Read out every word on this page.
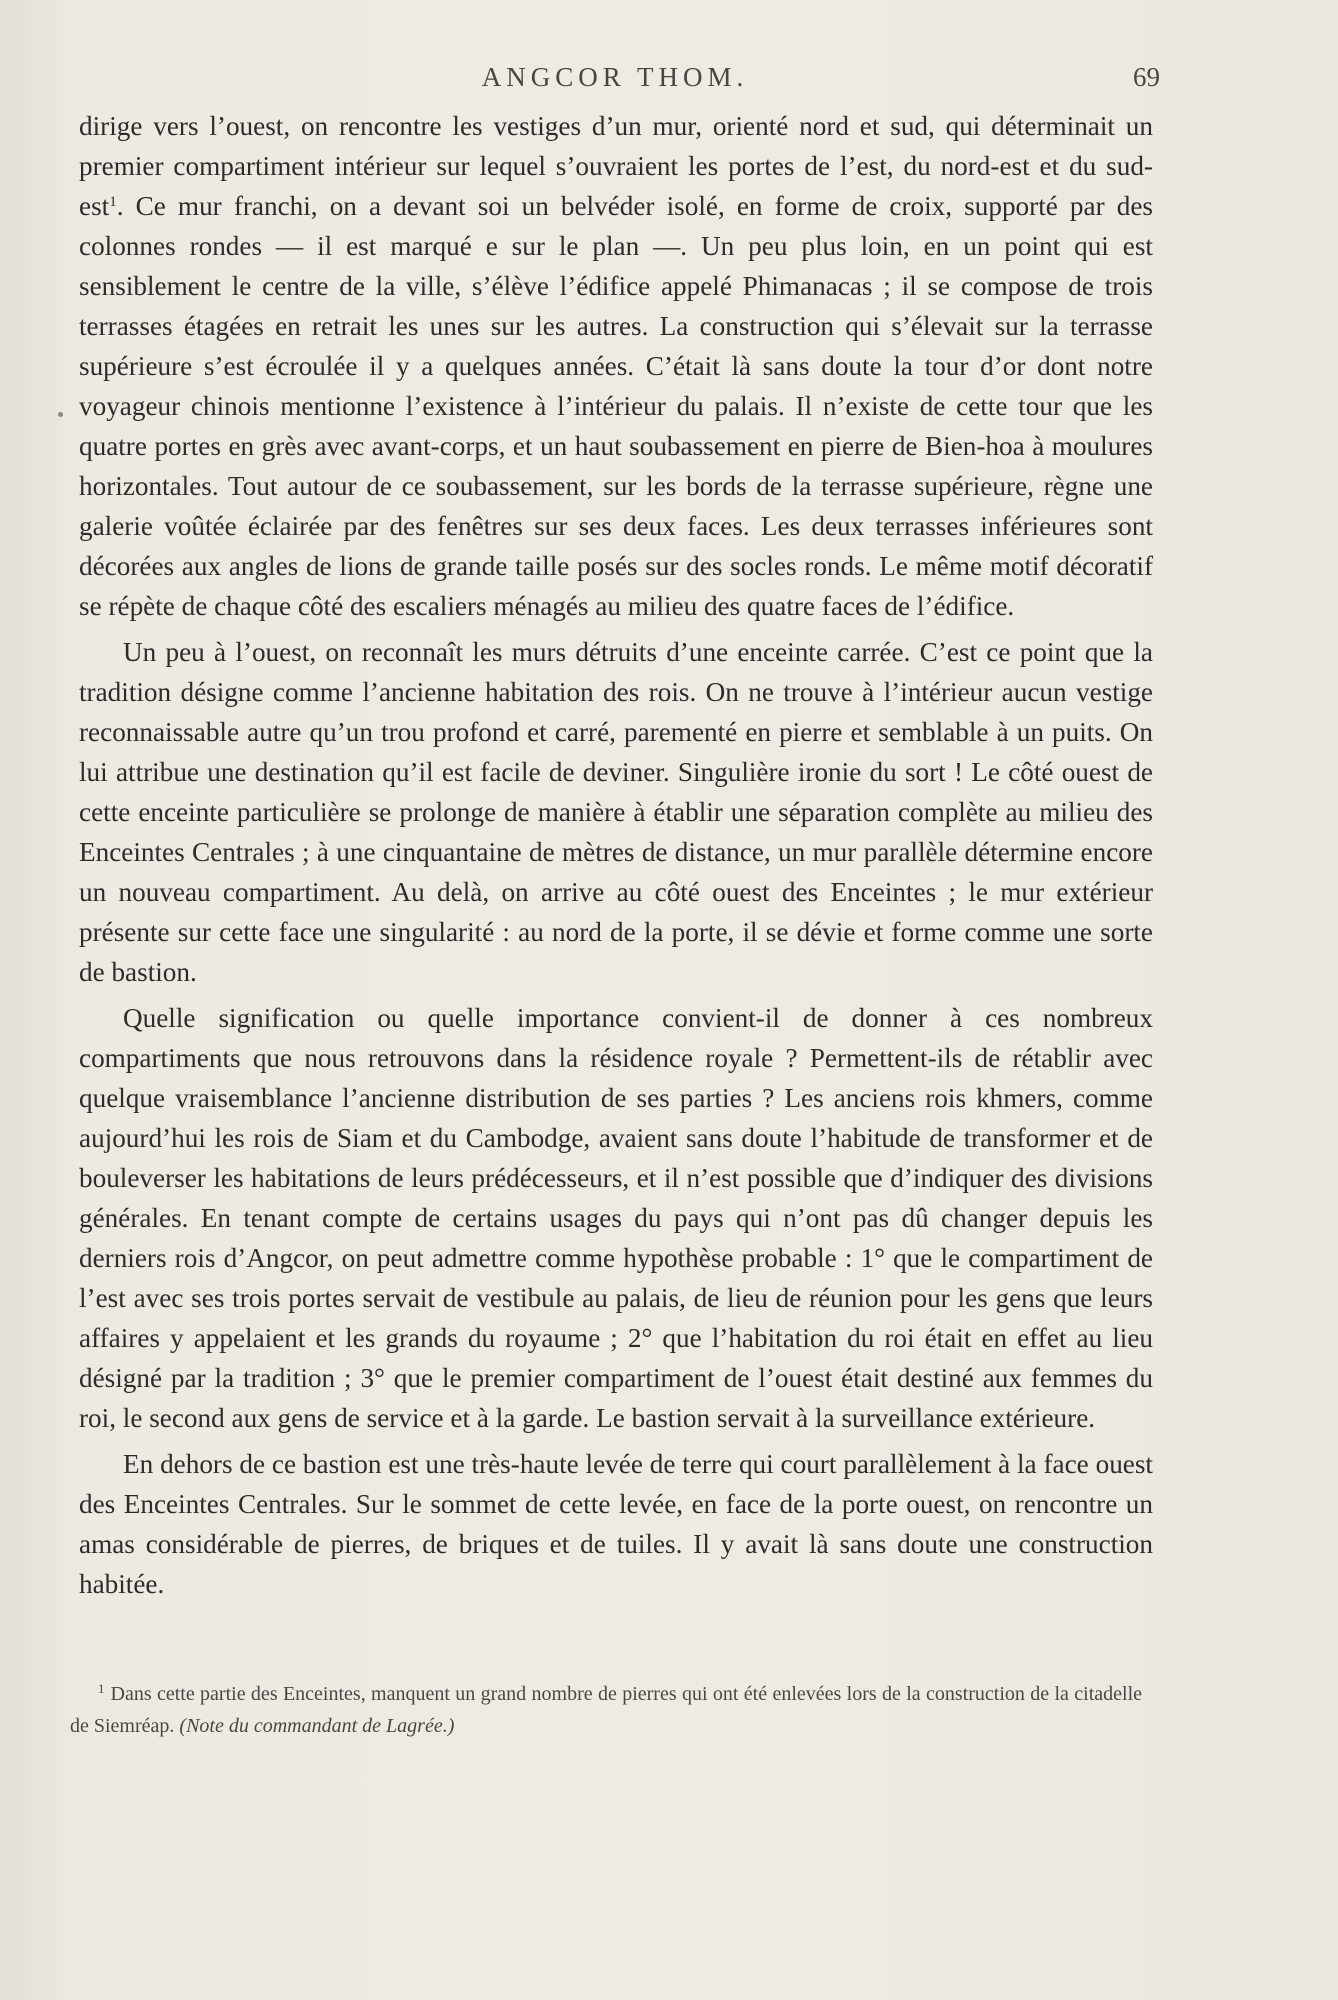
ANGCOR THOM.	69

dirige vers l’ouest, on rencontre les vestiges d’un mur, orienté nord et sud, qui déterminait un premier compartiment intérieur sur lequel s’ouvraient les portes de l’est, du nord-est et du sud-est$^1$. Ce mur franchi, on a devant soi un belvéder isolé, en forme de croix, supporté par des colonnes rondes — il est marqué e sur le plan —. Un peu plus loin, en un point qui est sensiblement le centre de la ville, s’élève l’édifice appelé Phimanacas ; il se compose de trois terrasses étagées en retrait les unes sur les autres. La construction qui s’élevait sur la terrasse supérieure s’est écroulée il y a quelques années. C’était là sans doute la tour d’or dont notre voyageur chinois mentionne l’existence à l’intérieur du palais. Il n’existe de cette tour que les quatre portes en grès avec avant-corps, et un haut soubassement en pierre de Bien-hoa à moulures horizontales. Tout autour de ce soubassement, sur les bords de la terrasse supérieure, règne une galerie voûtée éclairée par des fenêtres sur ses deux faces. Les deux terrasses inférieures sont décorées aux angles de lions de grande taille posés sur des socles ronds. Le même motif décoratif se répète de chaque côté des escaliers ménagés au milieu des quatre faces de l’édifice.

Un peu à l’ouest, on reconnaît les murs détruits d’une enceinte carrée. C’est ce point que la tradition désigne comme l’ancienne habitation des rois. On ne trouve à l’intérieur aucun vestige reconnaissable autre qu’un trou profond et carré, parementé en pierre et semblable à un puits. On lui attribue une destination qu’il est facile de deviner. Singulière ironie du sort ! Le côté ouest de cette enceinte particulière se prolonge de manière à établir une séparation complète au milieu des Enceintes Centrales ; à une cinquantaine de mètres de distance, un mur parallèle détermine encore un nouveau compartiment. Au delà, on arrive au côté ouest des Enceintes ; le mur extérieur présente sur cette face une singularité : au nord de la porte, il se dévie et forme comme une sorte de bastion.

Quelle signification ou quelle importance convient-il de donner à ces nombreux compartiments que nous retrouvons dans la résidence royale ? Permettent-ils de rétablir avec quelque vraisemblance l’ancienne distribution de ses parties ? Les anciens rois khmers, comme aujourd’hui les rois de Siam et du Cambodge, avaient sans doute l’habitude de transformer et de bouleverser les habitations de leurs prédécesseurs, et il n’est possible que d’indiquer des divisions générales. En tenant compte de certains usages du pays qui n’ont pas dû changer depuis les derniers rois d’Angcor, on peut admettre comme hypothèse probable : 1° que le compartiment de l’est avec ses trois portes servait de vestibule au palais, de lieu de réunion pour les gens que leurs affaires y appelaient et les grands du royaume ; 2° que l’habitation du roi était en effet au lieu désigné par la tradition ; 3° que le premier compartiment de l’ouest était destiné aux femmes du roi, le second aux gens de service et à la garde. Le bastion servait à la surveillance extérieure.

En dehors de ce bastion est une très-haute levée de terre qui court parallèlement à la face ouest des Enceintes Centrales. Sur le sommet de cette levée, en face de la porte ouest, on rencontre un amas considérable de pierres, de briques et de tuiles. Il y avait là sans doute une construction habitée.

$^1$ Dans cette partie des Enceintes, manquent un grand nombre de pierres qui ont été enlevées lors de la construction de la citadelle de Siemréap. (Note du commandant de Lagrée.)
